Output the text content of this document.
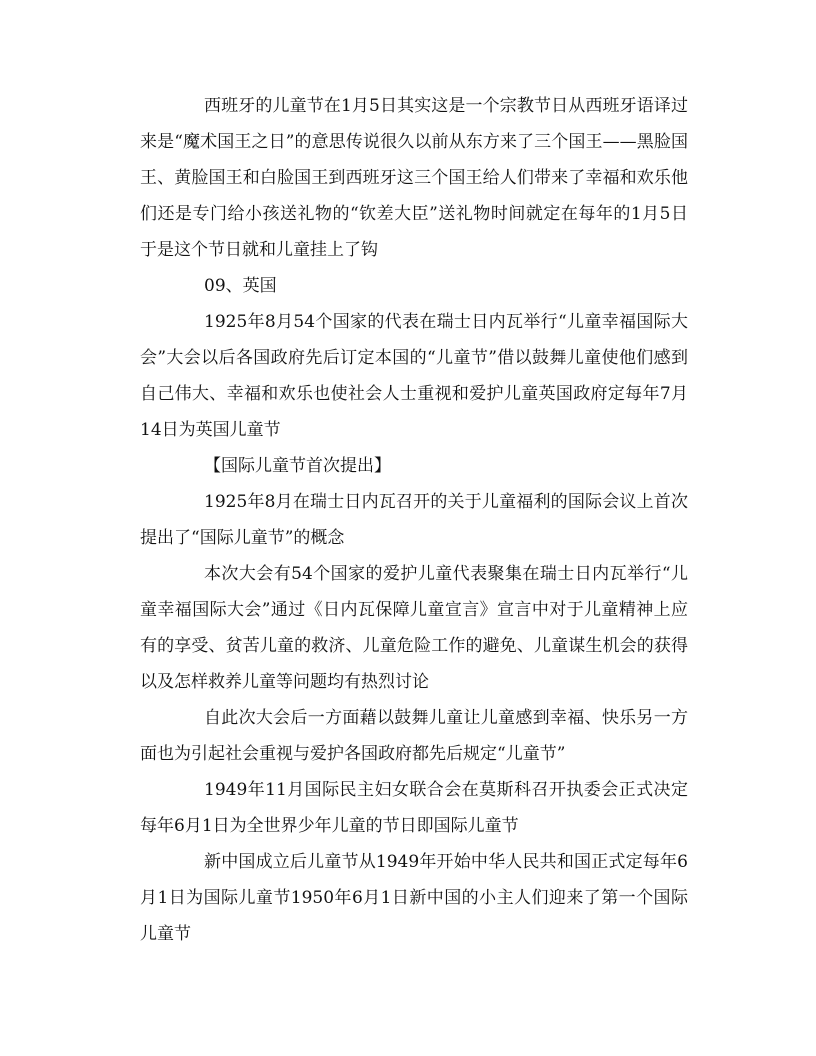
西班牙的儿童节在1月5日其实这是一个宗教节日从西班牙语译过来是“魔术国王之日”的意思传说很久以前从东方来了三个国王——黑脸国王、黄脸国王和白脸国王到西班牙这三个国王给人们带来了幸福和欢乐他们还是专门给小孩送礼物的“钦差大臣”送礼物时间就定在每年的1月5日于是这个节日就和儿童挂上了钩

09、英国

1925年8月54个国家的代表在瑞士日内瓦举行“儿童幸福国际大会”大会以后各国政府先后订定本国的“儿童节”借以鼓舞儿童使他们感到自己伟大、幸福和欢乐也使社会人士重视和爱护儿童英国政府定每年7月14日为英国儿童节

【国际儿童节首次提出】

1925年8月在瑞士日内瓦召开的关于儿童福利的国际会议上首次提出了“国际儿童节”的概念

本次大会有54个国家的爱护儿童代表聚集在瑞士日内瓦举行“儿童幸福国际大会”通过《日内瓦保障儿童宣言》宣言中对于儿童精神上应有的享受、贫苦儿童的救济、儿童危险工作的避免、儿童谋生机会的获得以及怎样救养儿童等问题均有热烈讨论

自此次大会后一方面藉以鼓舞儿童让儿童感到幸福、快乐另一方面也为引起社会重视与爱护各国政府都先后规定“儿童节”

1949年11月国际民主妇女联合会在莫斯科召开执委会正式决定每年6月1日为全世界少年儿童的节日即国际儿童节

新中国成立后儿童节从1949年开始中华人民共和国正式定每年6月1日为国际儿童节1950年6月1日新中国的小主人们迎来了第一个国际儿童节
